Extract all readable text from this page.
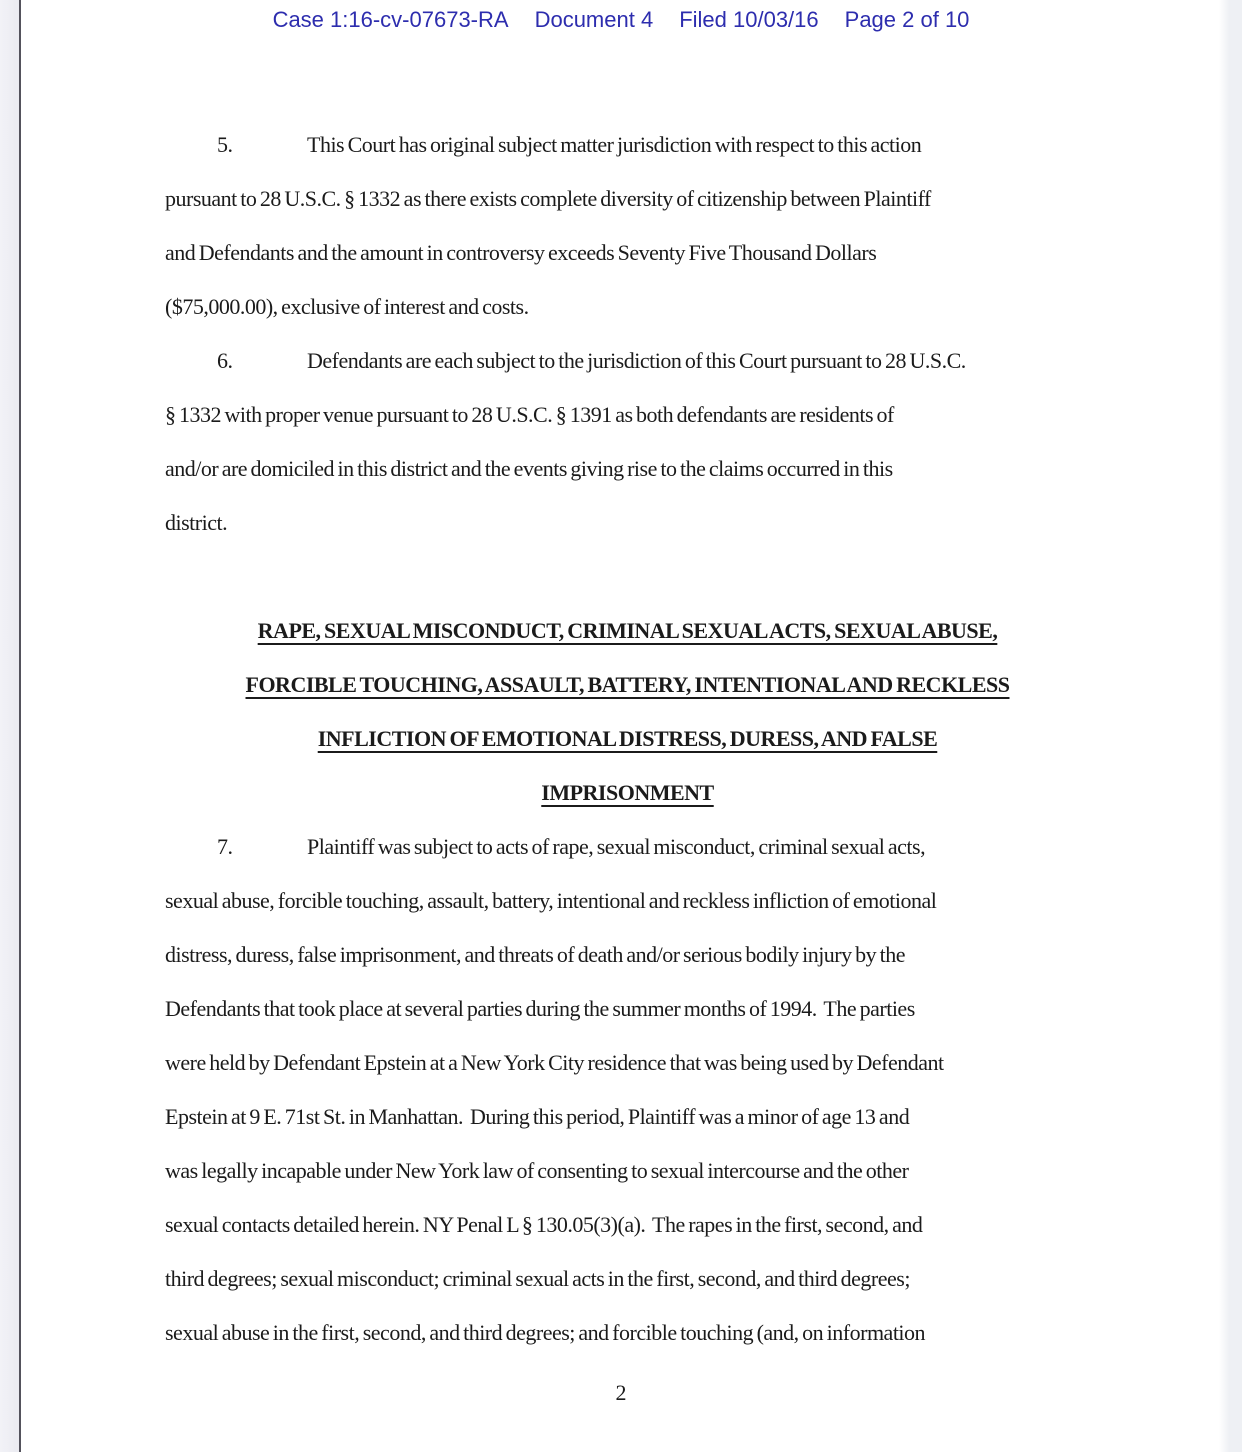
Case 1:16-cv-07673-RA Document 4 Filed 10/03/16 Page 2 of 10
5.	This Court has original subject matter jurisdiction with respect to this action
pursuant to 28 U.S.C. § 1332 as there exists complete diversity of citizenship between Plaintiff
and Defendants and the amount in controversy exceeds Seventy Five Thousand Dollars
($75,000.00), exclusive of interest and costs.
6.	Defendants are each subject to the jurisdiction of this Court pursuant to 28 U.S.C.
§ 1332 with proper venue pursuant to 28 U.S.C. § 1391 as both defendants are residents of
and/or are domiciled in this district and the events giving rise to the claims occurred in this
district.
RAPE, SEXUAL MISCONDUCT, CRIMINAL SEXUAL ACTS, SEXUAL ABUSE,
FORCIBLE TOUCHING, ASSAULT, BATTERY, INTENTIONAL AND RECKLESS
INFLICTION OF EMOTIONAL DISTRESS, DURESS, AND FALSE
IMPRISONMENT
7.	Plaintiff was subject to acts of rape, sexual misconduct, criminal sexual acts,
sexual abuse, forcible touching, assault, battery, intentional and reckless infliction of emotional
distress, duress, false imprisonment, and threats of death and/or serious bodily injury by the
Defendants that took place at several parties during the summer months of 1994.  The parties
were held by Defendant Epstein at a New York City residence that was being used by Defendant
Epstein at 9 E. 71st St. in Manhattan.  During this period, Plaintiff was a minor of age 13 and
was legally incapable under New York law of consenting to sexual intercourse and the other
sexual contacts detailed herein. NY Penal L § 130.05(3)(a).  The rapes in the first, second, and
third degrees; sexual misconduct; criminal sexual acts in the first, second, and third degrees;
sexual abuse in the first, second, and third degrees; and forcible touching (and, on information
2
